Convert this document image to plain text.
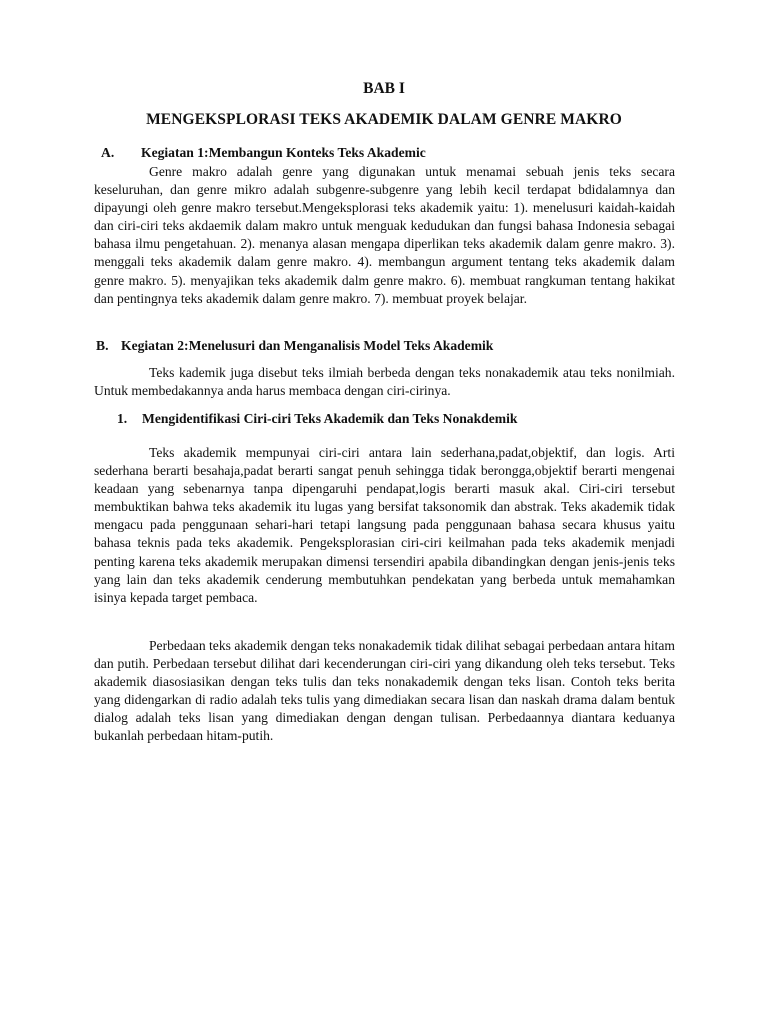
BAB I
MENGEKSPLORASI TEKS AKADEMIK DALAM GENRE MAKRO
A. Kegiatan 1:Membangun Konteks Teks Akademic

Genre makro adalah genre yang digunakan untuk menamai sebuah jenis teks secara keseluruhan, dan genre mikro adalah subgenre-subgenre yang lebih kecil terdapat bdidalamnya dan dipayungi oleh genre makro tersebut.Mengeksplorasi teks akademik yaitu: 1). menelusuri kaidah-kaidah dan ciri-ciri teks akdaemik dalam makro untuk menguak kedudukan dan fungsi bahasa Indonesia sebagai bahasa ilmu pengetahuan. 2). menanya alasan mengapa diperlikan teks akademik dalam genre makro. 3). menggali teks akademik dalam genre makro. 4). membangun argument tentang teks akademik dalam genre makro. 5). menyajikan teks akademik dalm genre makro. 6). membuat rangkuman tentang hakikat dan pentingnya teks akademik dalam genre makro. 7). membuat proyek belajar.

B. Kegiatan 2:Menelusuri dan Menganalisis Model Teks Akademik

Teks kademik juga disebut teks ilmiah berbeda dengan teks nonakademik atau teks nonilmiah. Untuk membedakannya anda harus membaca dengan ciri-cirinya.

1. Mengidentifikasi Ciri-ciri Teks Akademik dan Teks Nonakdemik

Teks akademik mempunyai ciri-ciri antara lain sederhana,padat,objektif, dan logis. Arti sederhana berarti besahaja,padat berarti sangat penuh sehingga tidak berongga,objektif berarti mengenai keadaan yang sebenarnya tanpa dipengaruhi pendapat,logis berarti masuk akal. Ciri-ciri tersebut membuktikan bahwa teks akademik itu lugas yang bersifat taksonomik dan abstrak. Teks akademik tidak mengacu pada penggunaan sehari-hari tetapi langsung pada penggunaan bahasa secara khusus yaitu bahasa teknis pada teks akademik. Pengeksplorasian ciri-ciri keilmahan pada teks akademik menjadi penting karena teks akademik merupakan dimensi tersendiri apabila dibandingkan dengan jenis-jenis teks yang lain dan teks akademik cenderung membutuhkan pendekatan yang berbeda untuk memahamkan isinya kepada target pembaca.

Perbedaan teks akademik dengan teks nonakademik tidak dilihat sebagai perbedaan antara hitam dan putih. Perbedaan tersebut dilihat dari kecenderungan ciri-ciri yang dikandung oleh teks tersebut. Teks akademik diasosiasikan dengan teks tulis dan teks nonakademik dengan teks lisan. Contoh teks berita yang didengarkan di radio adalah teks tulis yang dimediakan secara lisan dan naskah drama dalam bentuk dialog adalah teks lisan yang dimediakan dengan dengan tulisan. Perbedaannya diantara keduanya bukanlah perbedaan hitam-putih.
